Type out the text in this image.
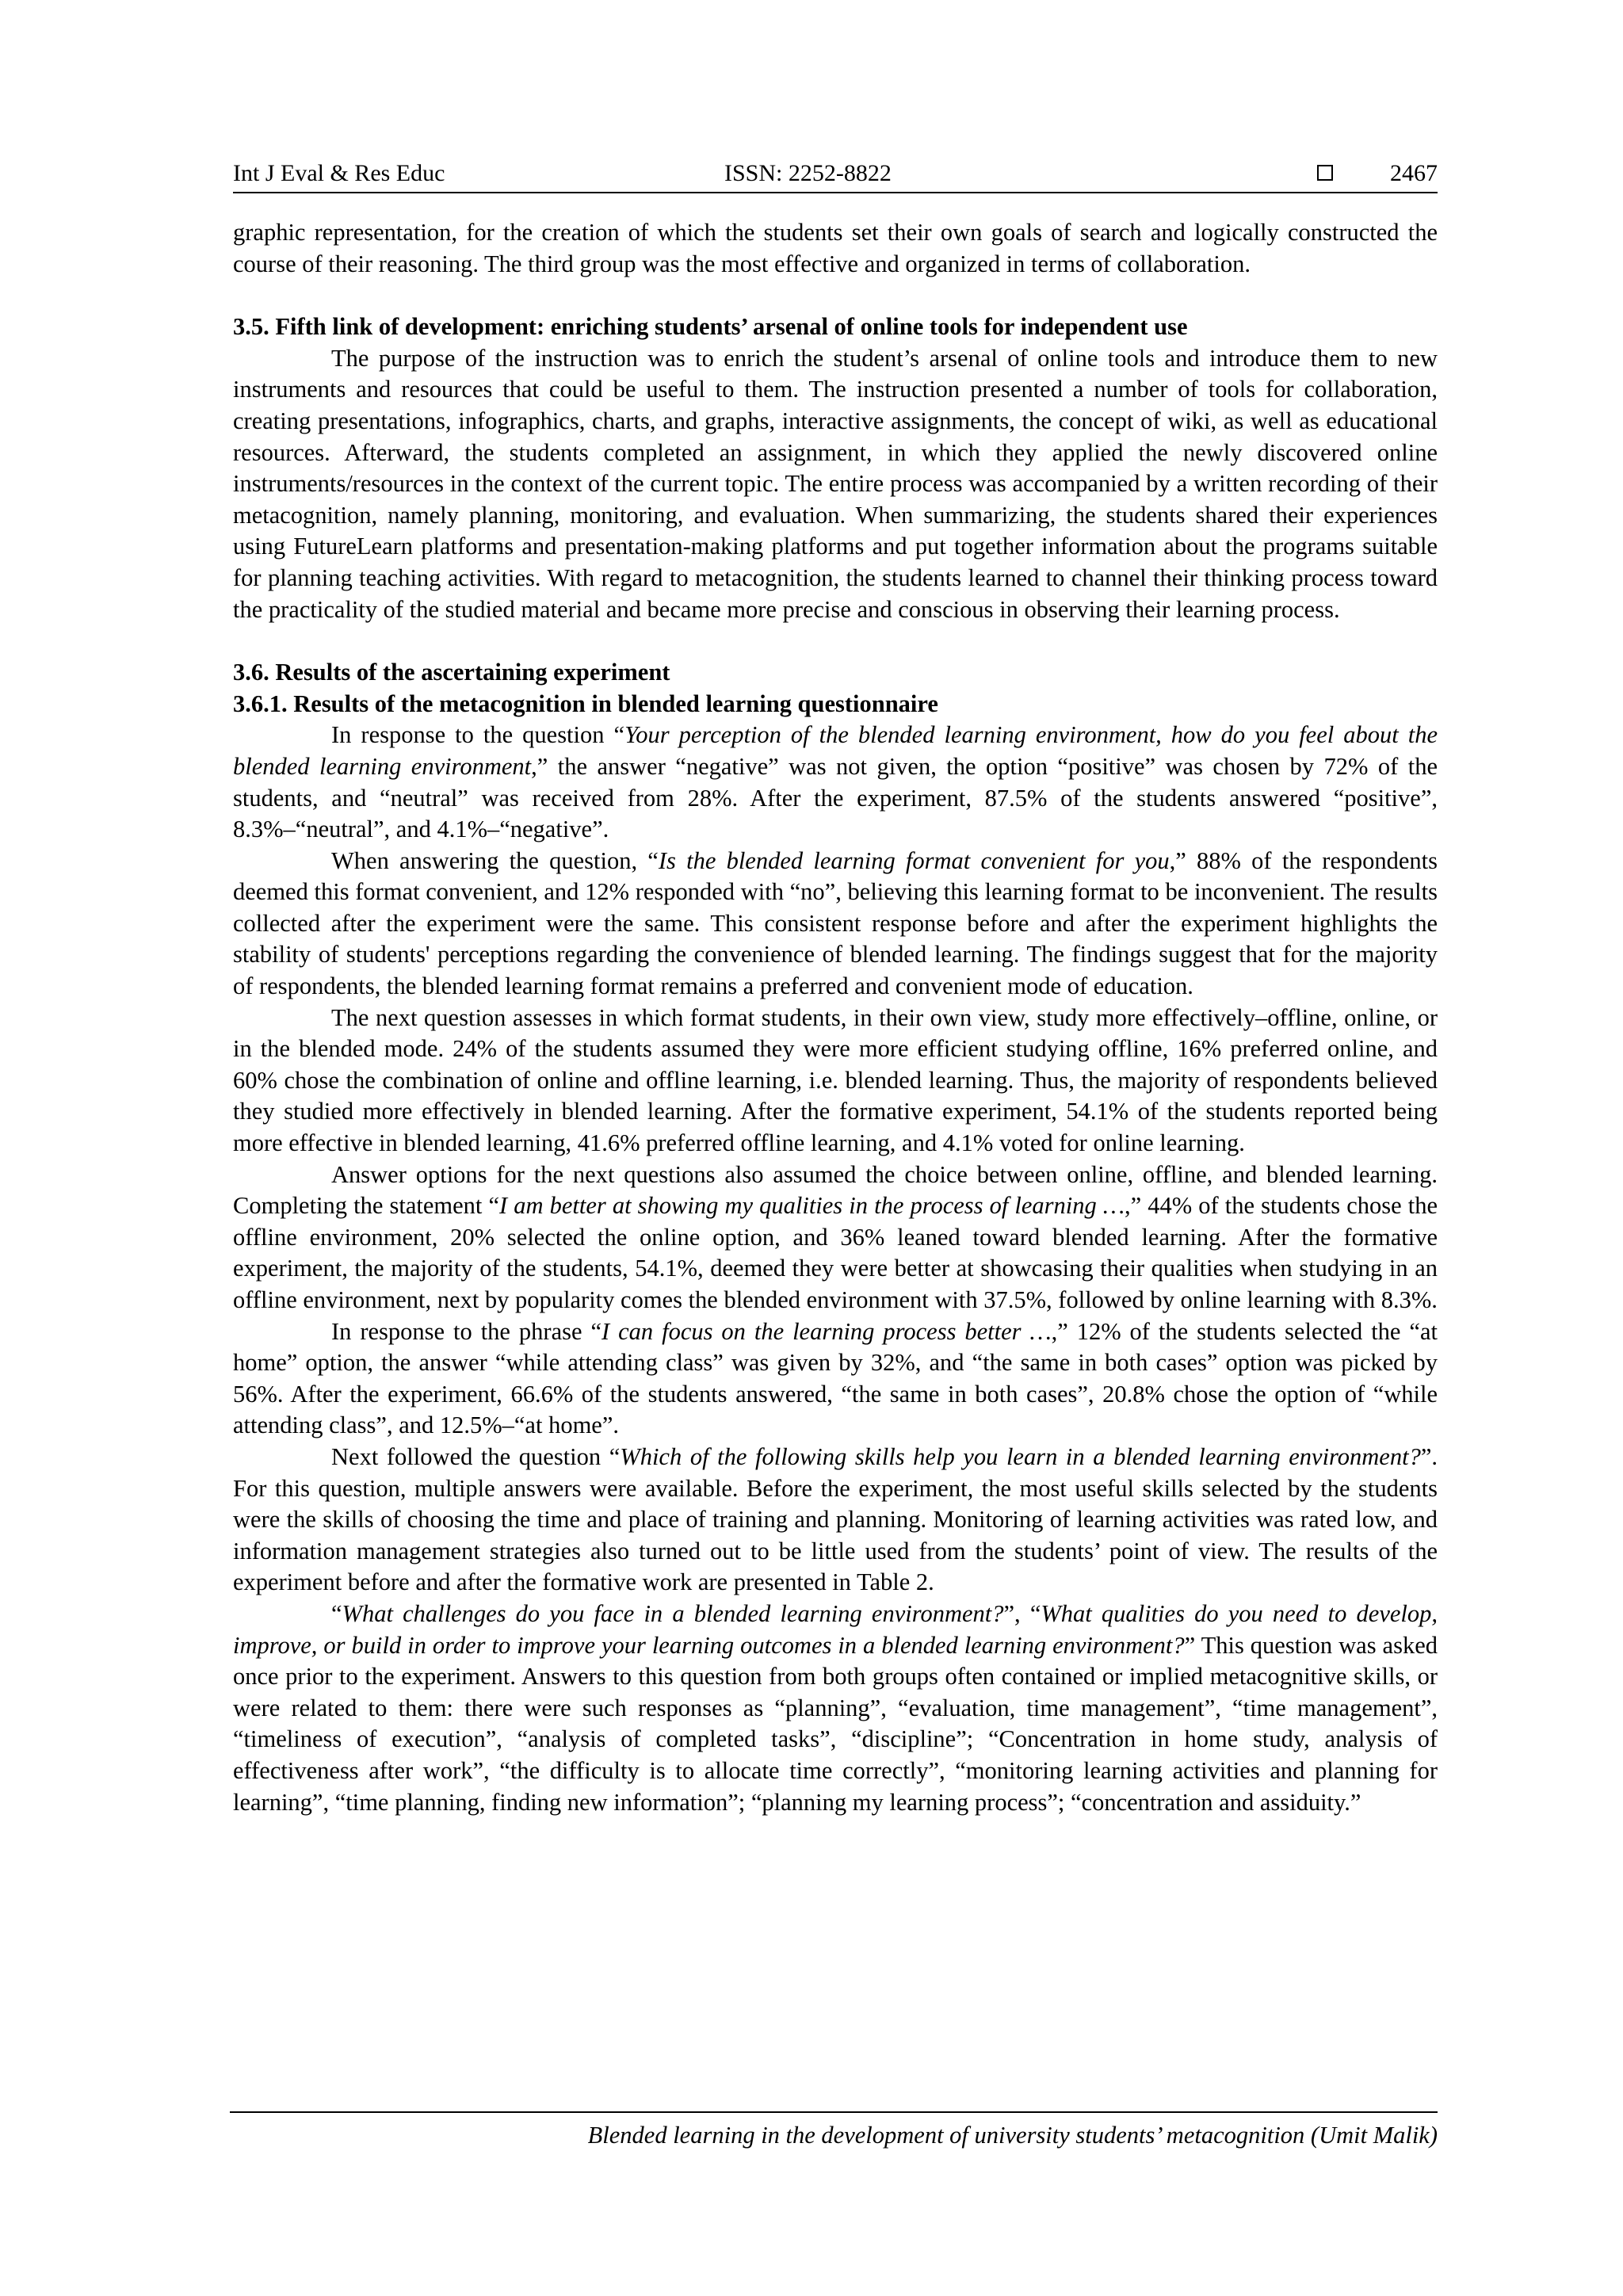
Int J Eval & Res Educ	ISSN: 2252-8822	2467

graphic representation, for the creation of which the students set their own goals of search and logically constructed the course of their reasoning. The third group was the most effective and organized in terms of collaboration.

3.5. Fifth link of development: enriching students’ arsenal of online tools for independent use

The purpose of the instruction was to enrich the student’s arsenal of online tools and introduce them to new instruments and resources that could be useful to them. The instruction presented a number of tools for collaboration, creating presentations, infographics, charts, and graphs, interactive assignments, the concept of wiki, as well as educational resources. Afterward, the students completed an assignment, in which they applied the newly discovered online instruments/resources in the context of the current topic. The entire process was accompanied by a written recording of their metacognition, namely planning, monitoring, and evaluation. When summarizing, the students shared their experiences using FutureLearn platforms and presentation-making platforms and put together information about the programs suitable for planning teaching activities. With regard to metacognition, the students learned to channel their thinking process toward the practicality of the studied material and became more precise and conscious in observing their learning process.

3.6. Results of the ascertaining experiment

3.6.1. Results of the metacognition in blended learning questionnaire

In response to the question “Your perception of the blended learning environment, how do you feel about the blended learning environment,” the answer “negative” was not given, the option “positive” was chosen by 72% of the students, and “neutral” was received from 28%. After the experiment, 87.5% of the students answered “positive”, 8.3%–“neutral”, and 4.1%–“negative”.

When answering the question, “Is the blended learning format convenient for you,” 88% of the respondents deemed this format convenient, and 12% responded with “no”, believing this learning format to be inconvenient. The results collected after the experiment were the same. This consistent response before and after the experiment highlights the stability of students' perceptions regarding the convenience of blended learning. The findings suggest that for the majority of respondents, the blended learning format remains a preferred and convenient mode of education.

The next question assesses in which format students, in their own view, study more effectively–offline, online, or in the blended mode. 24% of the students assumed they were more efficient studying offline, 16% preferred online, and 60% chose the combination of online and offline learning, i.e. blended learning. Thus, the majority of respondents believed they studied more effectively in blended learning. After the formative experiment, 54.1% of the students reported being more effective in blended learning, 41.6% preferred offline learning, and 4.1% voted for online learning.

Answer options for the next questions also assumed the choice between online, offline, and blended learning. Completing the statement “I am better at showing my qualities in the process of learning …,” 44% of the students chose the offline environment, 20% selected the online option, and 36% leaned toward blended learning. After the formative experiment, the majority of the students, 54.1%, deemed they were better at showcasing their qualities when studying in an offline environment, next by popularity comes the blended environment with 37.5%, followed by online learning with 8.3%.

In response to the phrase “I can focus on the learning process better …,” 12% of the students selected the “at home” option, the answer “while attending class” was given by 32%, and “the same in both cases” option was picked by 56%. After the experiment, 66.6% of the students answered, “the same in both cases”, 20.8% chose the option of “while attending class”, and 12.5%–“at home”.

Next followed the question “Which of the following skills help you learn in a blended learning environment?”. For this question, multiple answers were available. Before the experiment, the most useful skills selected by the students were the skills of choosing the time and place of training and planning. Monitoring of learning activities was rated low, and information management strategies also turned out to be little used from the students’ point of view. The results of the experiment before and after the formative work are presented in Table 2.

“What challenges do you face in a blended learning environment?”, “What qualities do you need to develop, improve, or build in order to improve your learning outcomes in a blended learning environment?” This question was asked once prior to the experiment. Answers to this question from both groups often contained or implied metacognitive skills, or were related to them: there were such responses as “planning”, “evaluation, time management”, “time management”, “timeliness of execution”, “analysis of completed tasks”, “discipline”; “Concentration in home study, analysis of effectiveness after work”, “the difficulty is to allocate time correctly”, “monitoring learning activities and planning for learning”, “time planning, finding new information”; “planning my learning process”; “concentration and assiduity.”

Blended learning in the development of university students’ metacognition (Umit Malik)
